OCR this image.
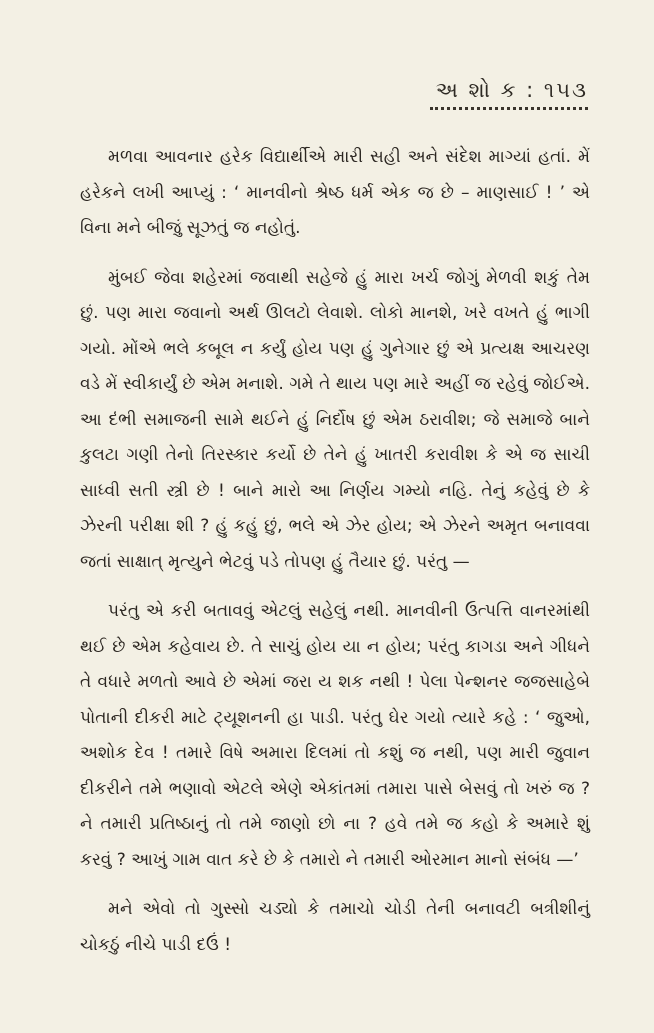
અ શો ક : ૧૫૩

મળવા આવનાર હરેક વિદ્યાર્થીએ મારી સહી અને સંદેશ માગ્યાં હતાં. મેં હરેકને લખી આપ્યું : ‘ માનવીનો શ્રેષ્ઠ ધર્મ એક જ છે – માણસાઈ ! ’ એ વિના મને બીજું સૂઝતું જ નહોતું.

મુંબઈ જેવા શહેરમાં જવાથી સહેજે હું મારા ખર્ચ જોગું મેળવી શકું તેમ છું. પણ મારા જવાનો અર્થ ઊલટો લેવાશે. લોકો માનશે, ખરે વખતે હું ભાગી ગયો. મોંએ ભલે કબૂલ ન કર્યું હોય પણ હું ગુનેગાર છું એ પ્રત્યક્ષ આચરણ વડે મેં સ્વીકાર્યું છે એમ મનાશે. ગમે તે થાય પણ મારે અહીં જ રહેવું જોઈએ. આ દંભી સમાજની સામે થઈને હું નિર્દોષ છું એમ ઠરાવીશ; જે સમાજે બાને કુલટા ગણી તેનો તિરસ્કાર કર્યો છે તેને હું ખાતરી કરાવીશ કે એ જ સાચી સાધ્વી સતી સ્ત્રી છે ! બાને મારો આ નિર્ણય ગમ્યો નહિ. તેનું કહેવું છે કે ઝેરની પરીક્ષા શી ? હું કહું છું, ભલે એ ઝેર હોય; એ ઝેરને અમૃત બનાવવા જતાં સાક્ષાત્ મૃત્યુને ભેટવું પડે તોપણ હું તૈયાર છું. પરંતુ —

પરંતુ એ કરી બતાવવું એટલું સહેલું નથી. માનવીની ઉત્પત્તિ વાનરમાંથી થઈ છે એમ કહેવાય છે. તે સાચું હોય યા ન હોય; પરંતુ કાગડા અને ગીધને તે વધારે મળતો આવે છે એમાં જરા ય શક નથી ! પેલા પેન્શનર જજસાહેબે પોતાની દીકરી માટે ટ્યૂશનની હા પાડી. પરંતુ ઘેર ગયો ત્યારે કહે : ‘ જુઓ, અશોક દેવ ! તમારે વિષે અમારા દિલમાં તો કશું જ નથી, પણ મારી જુવાન દીકરીને તમે ભણાવો એટલે એણે એકાંતમાં તમારા પાસે બેસવું તો ખરું જ ? ને તમારી પ્રતિષ્ઠાનું તો તમે જાણો છો ના ? હવે તમે જ કહો કે અમારે શું કરવું ? આખું ગામ વાત કરે છે કે તમારો ને તમારી ઓરમાન માનો સંબંધ —’

મને એવો તો ગુસ્સો ચડ્યો કે તમાચો ચોડી તેની બનાવટી બત્રીશીનું ચોકઠું નીચે પાડી દઉં !
